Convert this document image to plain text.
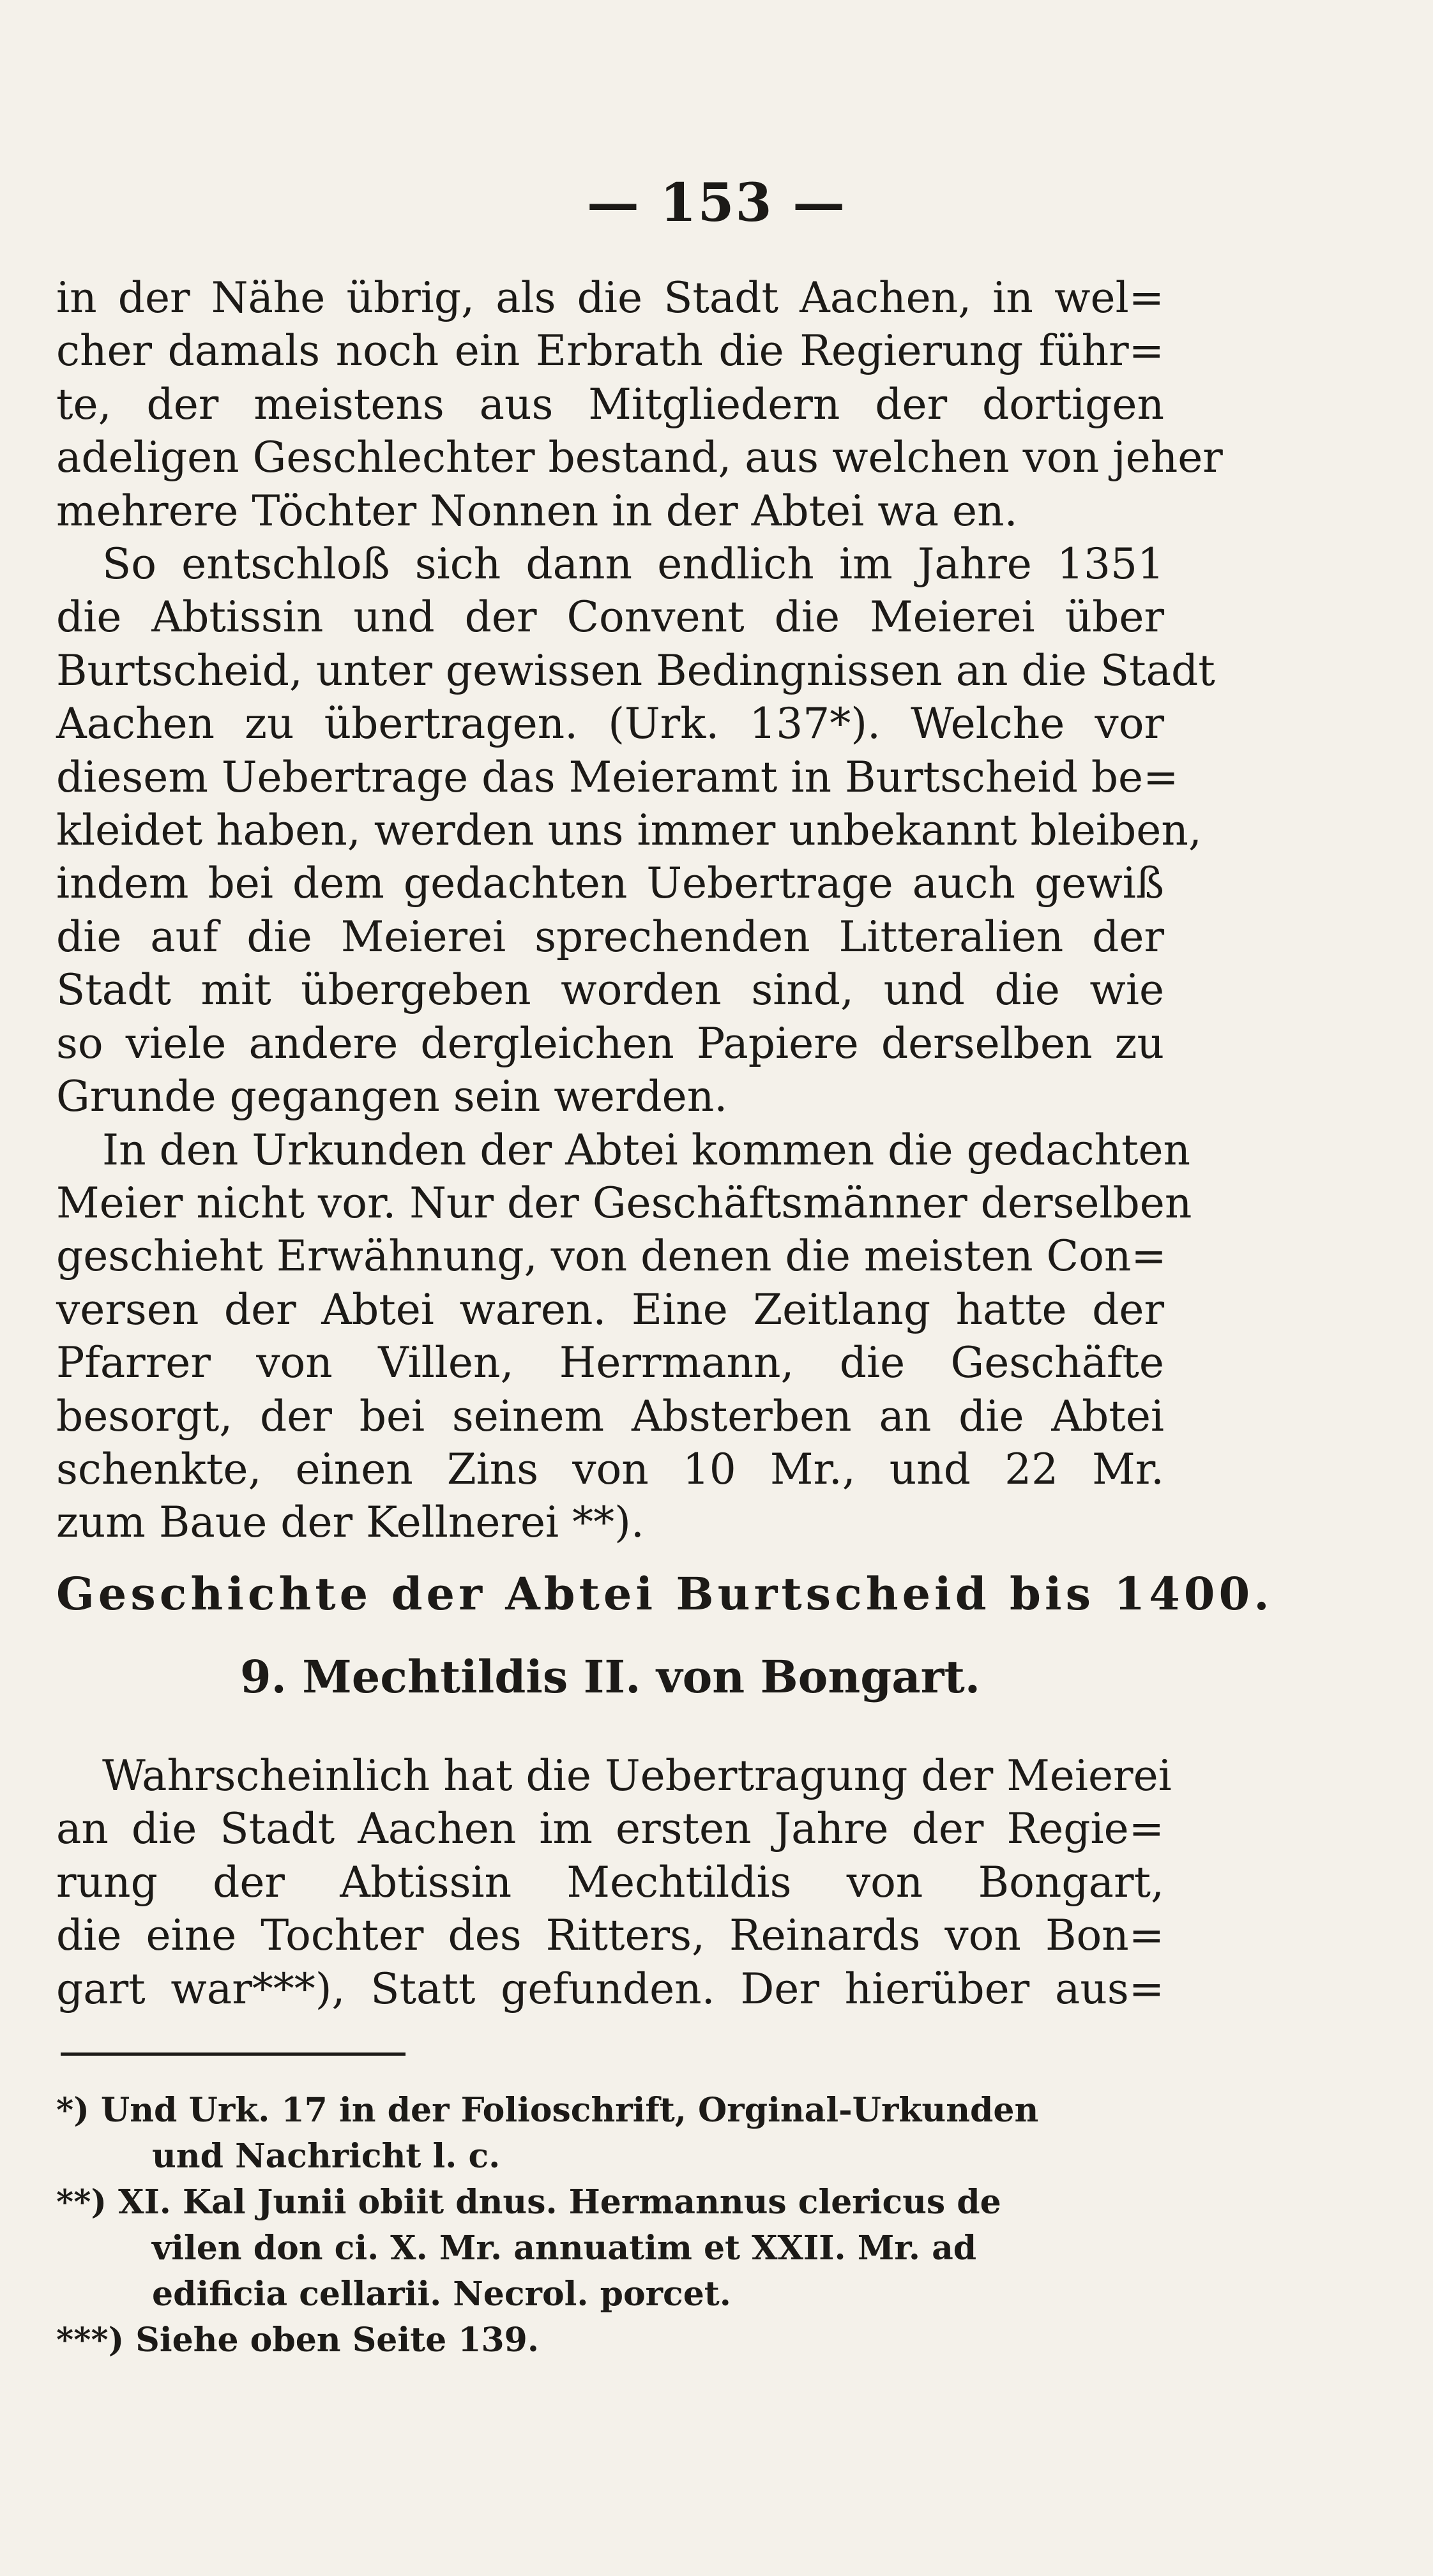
— 153 —
in der Nähe übrig, als die Stadt Aachen, in wel=
cher damals noch ein Erbrath die Regierung führ=
te, der meistens aus Mitgliedern der dortigen
adeligen Geschlechter bestand, aus welchen von jeher
mehrere Töchter Nonnen in der Abtei wa en.
So entschloß sich dann endlich im Jahre 1351
die Abtissin und der Convent die Meierei über
Burtscheid, unter gewissen Bedingnissen an die Stadt
Aachen zu übertragen. (Urk. 137*). Welche vor
diesem Uebertrage das Meieramt in Burtscheid be=
kleidet haben, werden uns immer unbekannt bleiben,
indem bei dem gedachten Uebertrage auch gewiß
die auf die Meierei sprechenden Litteralien der
Stadt mit übergeben worden sind, und die wie
so viele andere dergleichen Papiere derselben zu
Grunde gegangen sein werden.
In den Urkunden der Abtei kommen die gedachten
Meier nicht vor. Nur der Geschäftsmänner derselben
geschieht Erwähnung, von denen die meisten Con=
versen der Abtei waren. Eine Zeitlang hatte der
Pfarrer von Villen, Herrmann, die Geschäfte
besorgt, der bei seinem Absterben an die Abtei
schenkte, einen Zins von 10 Mr., und 22 Mr.
zum Baue der Kellnerei **).
Geschichte der Abtei Burtscheid bis 1400.
9. Mechtildis II. von Bongart.
Wahrscheinlich hat die Uebertragung der Meierei
an die Stadt Aachen im ersten Jahre der Regie=
rung der Abtissin Mechtildis von Bongart,
die eine Tochter des Ritters, Reinards von Bon=
gart war***), Statt gefunden. Der hierüber aus=
*) Und Urk. 17 in der Folioschrift, Orginal-Urkunden
und Nachricht l. c.
**) XI. Kal Junii obiit dnus. Hermannus clericus de
vilen don ci. X. Mr. annuatim et XXII. Mr. ad
edificia cellarii. Necrol. porcet.
***) Siehe oben Seite 139.
